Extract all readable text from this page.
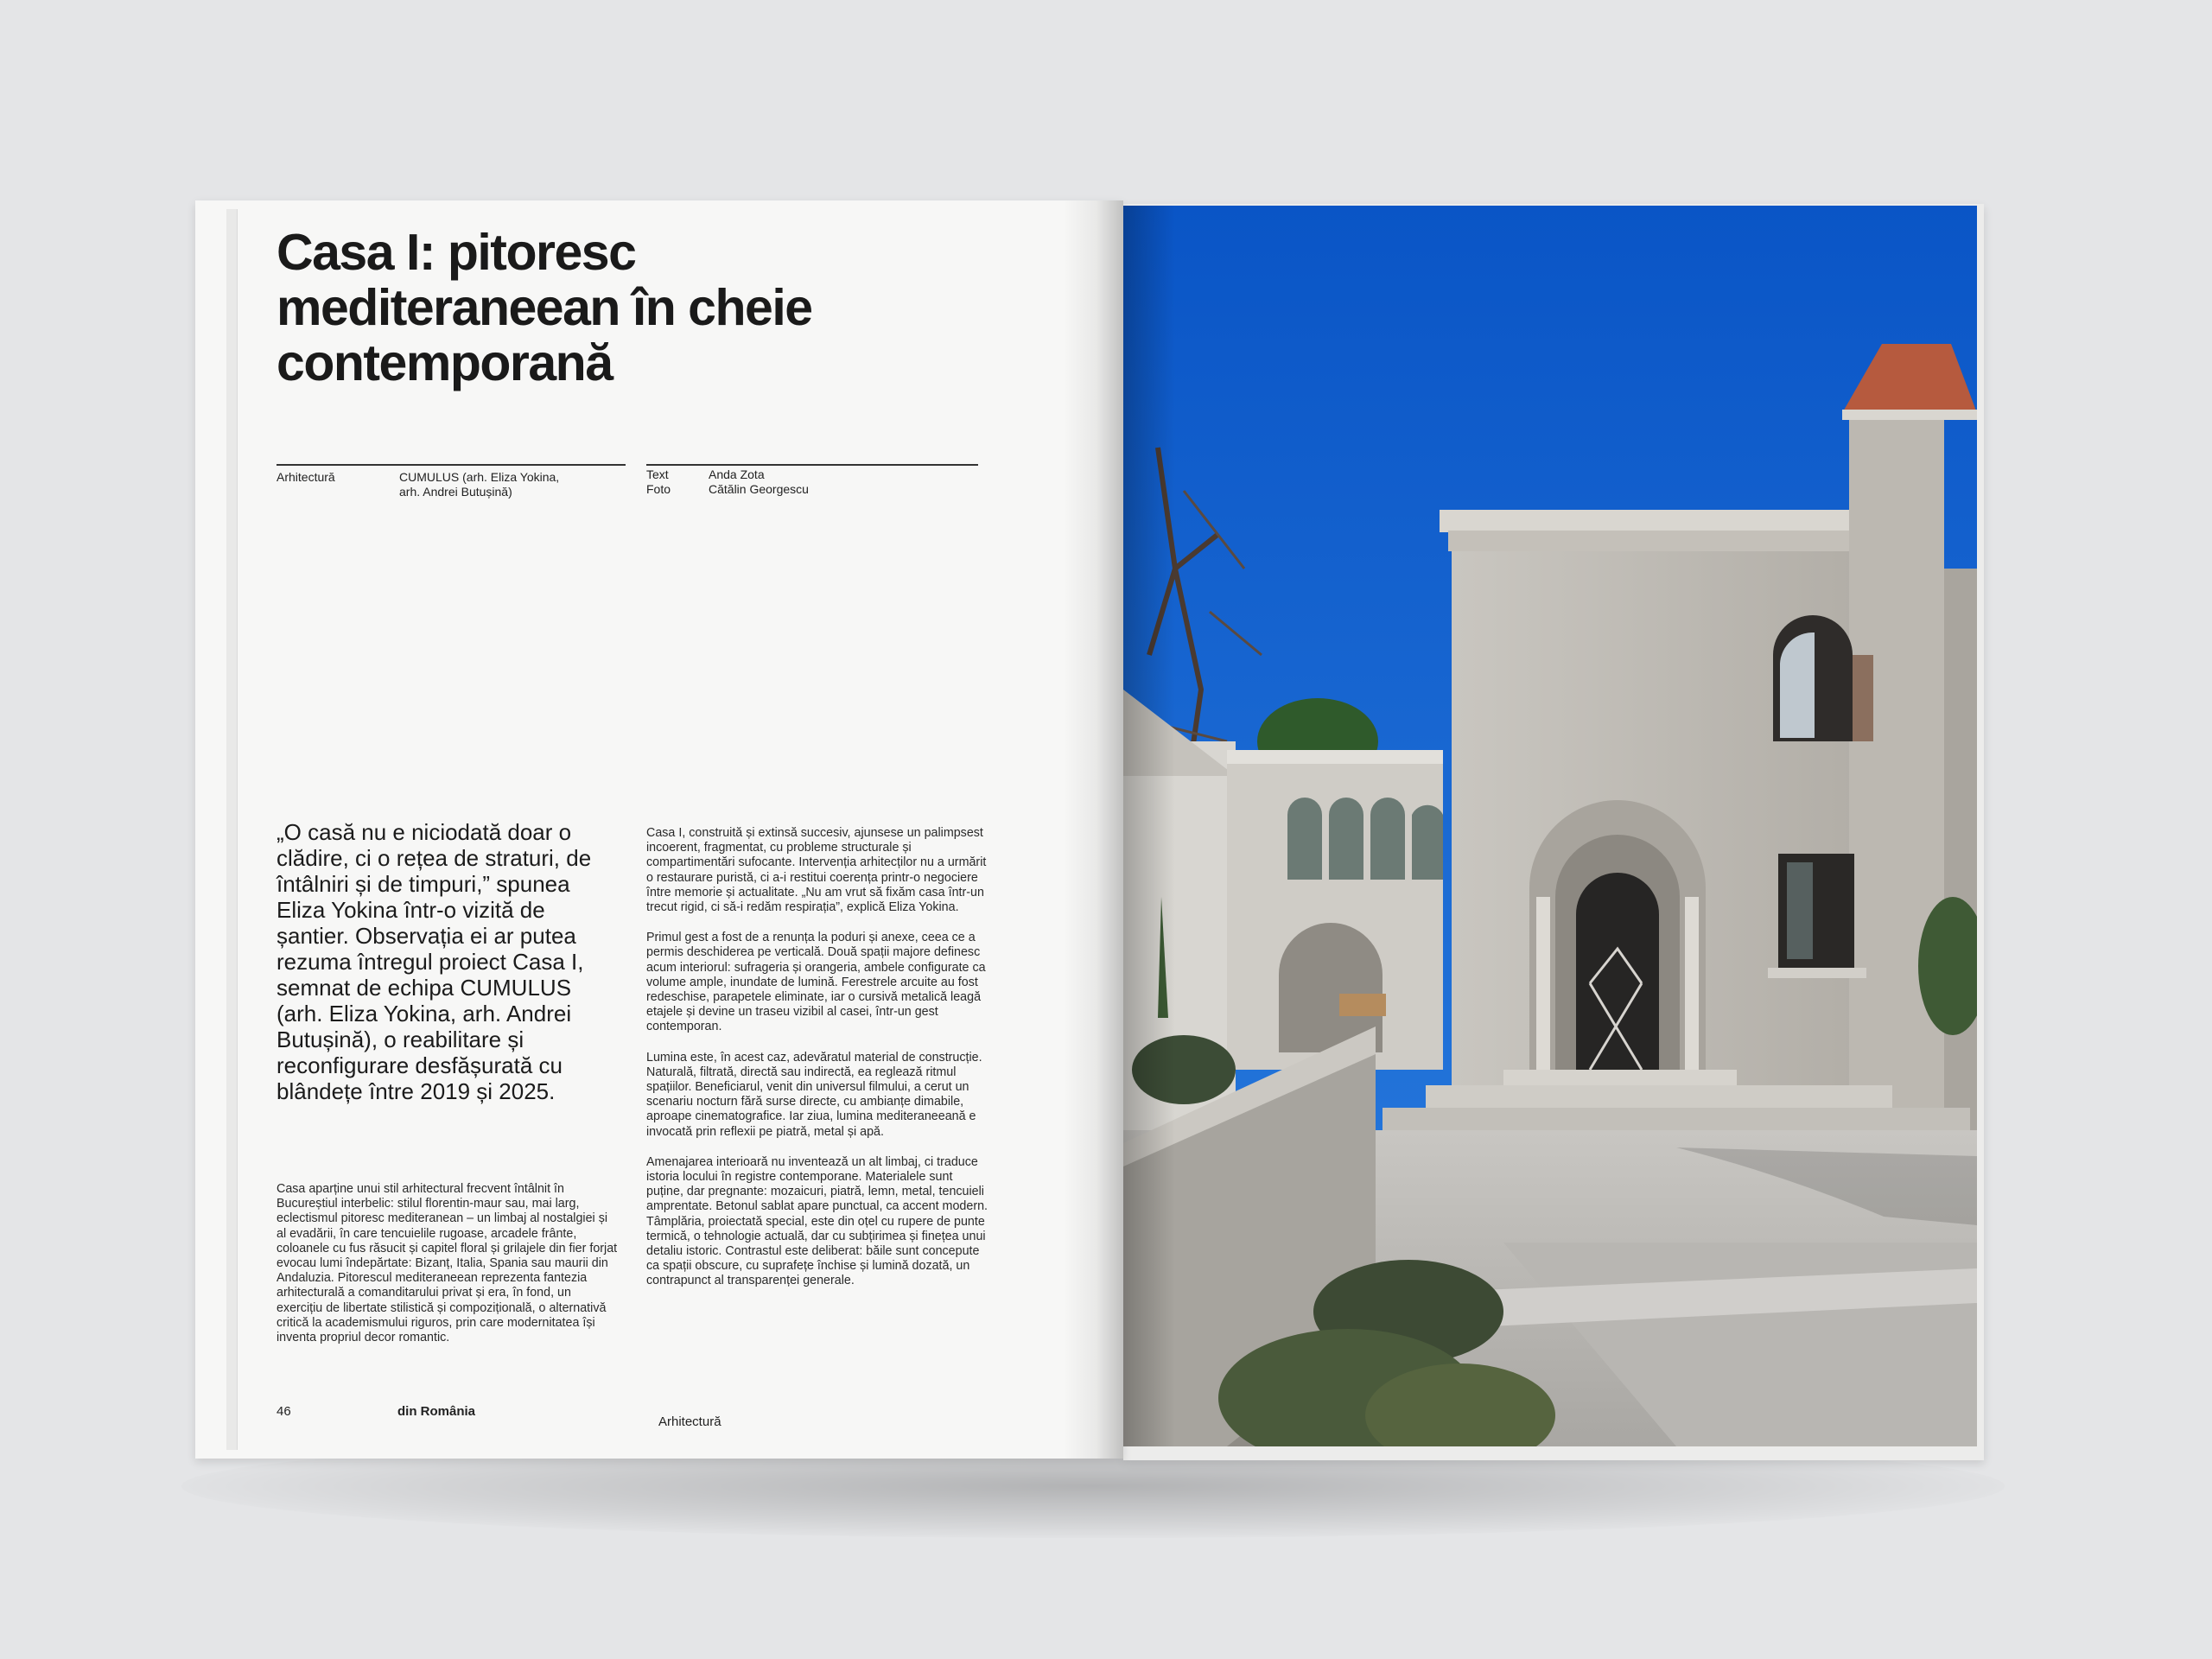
Casa I: pitoresc mediteraneean în cheie contemporană
Arhitectură	CUMULUS (arh. Eliza Yokina,
arh. Andrei Butușină)
Text	Anda Zota
Foto	Cătălin Georgescu

„O casă nu e niciodată doar o clădire, ci o rețea de straturi, de întâlniri și de timpuri,” spunea Eliza Yokina într-o vizită de șantier. Observația ei ar putea rezuma întregul proiect Casa I, semnat de echipa CUMULUS (arh. Eliza Yokina, arh. Andrei Butușină), o reabilitare și reconfigurare desfășurată cu blândețe între 2019 și 2025.

Casa aparține unui stil arhitectural frecvent întâlnit în Bucureștiul interbelic: stilul florentin-maur sau, mai larg, eclectismul pitoresc mediteranean – un limbaj al nostalgiei și al evadării, în care tencuielile rugoase, arcadele frânte, coloanele cu fus răsucit și capitel floral și grilajele din fier forjat evocau lumi îndepărtate: Bizanț, Italia, Spania sau maurii din Andaluzia. Pitorescul mediteraneean reprezenta fantezia arhitecturală a comanditarului privat și era, în fond, un exercițiu de libertate stilistică și compozițională, o alternativă critică la academismului riguros, prin care modernitatea își inventa propriul decor romantic.

Casa I, construită și extinsă succesiv, ajunsese un palimpsest incoerent, fragmentat, cu probleme structurale și compartimentări sufocante. Intervenția arhitecților nu a urmărit o restaurare puristă, ci a-i restitui coerența printr-o negociere între memorie și actualitate. „Nu am vrut să fixăm casa într-un trecut rigid, ci să-i redăm respirația”, explică Eliza Yokina.

Primul gest a fost de a renunța la poduri și anexe, ceea ce a permis deschiderea pe verticală. Două spații majore definesc acum interiorul: sufrageria și orangeria, ambele configurate ca volume ample, inundate de lumină. Ferestrele arcuite au fost redeschise, parapetele eliminate, iar o cursivă metalică leagă etajele și devine un traseu vizibil al casei, într-un gest contemporan.

Lumina este, în acest caz, adevăratul material de construcție. Naturală, filtrată, directă sau indirectă, ea reglează ritmul spațiilor. Beneficiarul, venit din universul filmului, a cerut un scenariu nocturn fără surse directe, cu ambianțe dimabile, aproape cinematografice. Iar ziua, lumina mediteraneeană e invocată prin reflexii pe piatră, metal și apă.

Amenajarea interioară nu inventează un alt limbaj, ci traduce istoria locului în registre contemporane. Materialele sunt puține, dar pregnante: mozaicuri, piatră, lemn, metal, tencuieli amprentate. Betonul sablat apare punctual, ca accent modern. Tâmplăria, proiectată special, este din oțel cu rupere de punte termică, o tehnologie actuală, dar cu subțirimea și finețea unui detaliu istoric. Contrastul este deliberat: băile sunt concepute ca spații obscure, cu suprafețe închise și lumină dozată, un contrapunct al transparenței generale.

46	din România
Arhitectură
